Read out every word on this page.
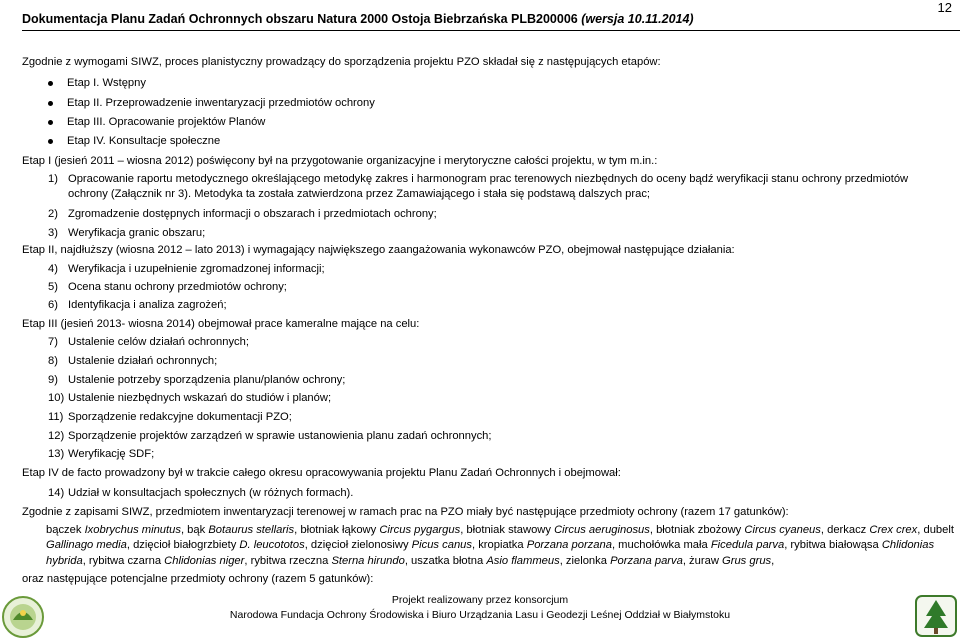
Dokumentacja Planu Zadań Ochronnych obszaru Natura 2000 Ostoja Biebrzańska PLB200006 (wersja 10.11.2014)
12
Zgodnie z wymogami SIWZ, proces planistyczny prowadzący do sporządzenia projektu PZO składał się z następujących etapów:
Etap I. Wstępny
Etap II. Przeprowadzenie inwentaryzacji przedmiotów ochrony
Etap III. Opracowanie projektów Planów
Etap IV. Konsultacje społeczne
Etap I (jesień 2011 – wiosna 2012) poświęcony był na przygotowanie organizacyjne i merytoryczne całości projektu, w tym m.in.:
1) Opracowanie raportu metodycznego określającego metodykę zakres i harmonogram prac terenowych niezbędnych do oceny bądź weryfikacji stanu ochrony przedmiotów
ochrony (Załącznik nr 3). Metodyka ta została zatwierdzona przez Zamawiającego i stała się podstawą dalszych prac;
2) Zgromadzenie dostępnych informacji o obszarach i przedmiotach ochrony;
3) Weryfikacja granic obszaru;
Etap II, najdłuższy (wiosna 2012 – lato 2013) i wymagający największego zaangażowania wykonawców PZO, obejmował następujące działania:
4) Weryfikacja i uzupełnienie zgromadzonej informacji;
5) Ocena stanu ochrony przedmiotów ochrony;
6) Identyfikacja i analiza zagrożeń;
Etap III (jesień 2013- wiosna 2014) obejmował prace kameralne mające na celu:
7) Ustalenie celów działań ochronnych;
8) Ustalenie działań ochronnych;
9) Ustalenie potrzeby sporządzenia planu/planów ochrony;
10) Ustalenie niezbędnych wskazań do studiów i planów;
11) Sporządzenie redakcyjne dokumentacji PZO;
12) Sporządzenie projektów zarządzeń w sprawie ustanowienia planu zadań ochronnych;
13) Weryfikację SDF;
Etap IV de facto prowadzony był w trakcie całego okresu opracowywania projektu Planu Zadań Ochronnych i obejmował:
14) Udział w konsultacjach społecznych (w różnych formach).
Zgodnie z zapisami SIWZ, przedmiotem inwentaryzacji terenowej w ramach prac na PZO miały być następujące przedmioty ochrony (razem 17 gatunków):
bączek Ixobrychus minutus, bąk Botaurus stellaris, błotniak łąkowy Circus pygargus, błotniak stawowy Circus aeruginosus, błotniak zbożowy Circus cyaneus, derkacz Crex crex, dubelt
Gallinago media, dzięcioł białogrzbiety D. leucototos, dzięcioł zielonosiwy Picus canus, kropiatka Porzana porzana, muchołówka mała Ficedula parva, rybitwa białowąsa Chlidonias
hybrida, rybitwa czarna Chlidonias niger, rybitwa rzeczna Sterna hirundo, uszatka błotna Asio flammeus, zielonka Porzana parva, żuraw Grus grus,
oraz następujące potencjalne przedmioty ochrony (razem 5 gatunków):
Projekt realizowany przez konsorcjum
Narodowa Fundacja Ochrony Środowiska i Biuro Urządzania Lasu i Geodezji Leśnej Oddział w Białymstoku
